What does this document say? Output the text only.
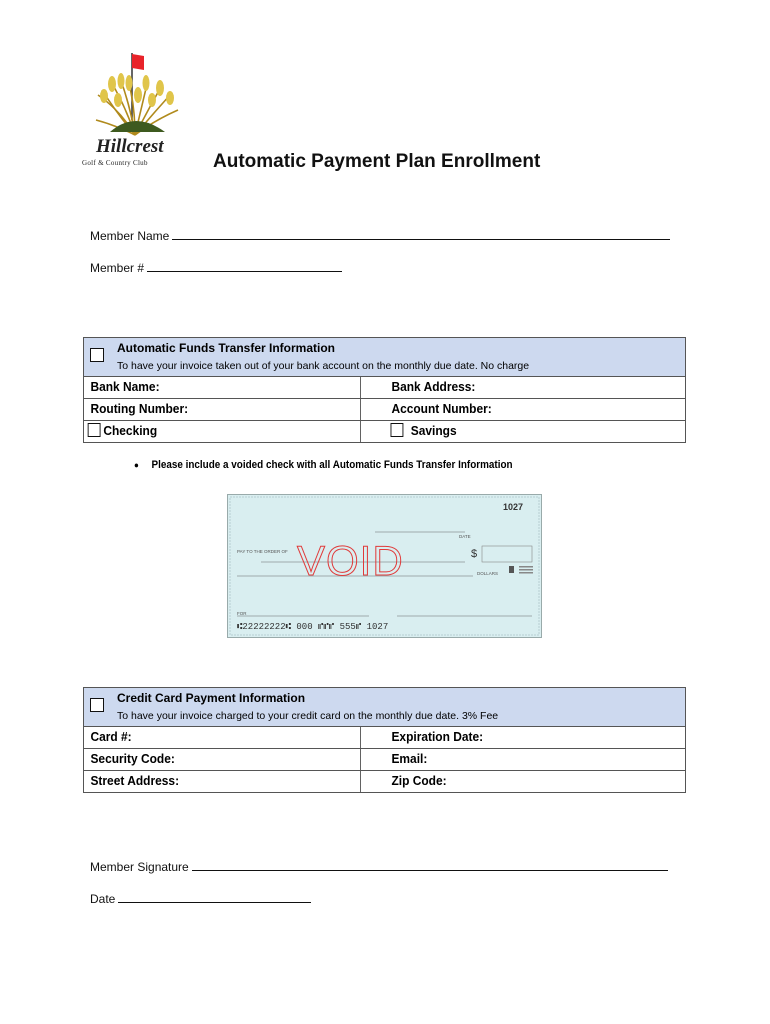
Hillcrest
Golf & Country Club	Automatic Payment Plan Enrollment
Member Name
Member #
Automatic Funds Transfer Information
To have your invoice taken out of your bank account on the monthly due date. No charge
Bank Name:	Bank Address:
Routing Number:	Account Number:
Checking	Savings
● Please include a voided check with all Automatic Funds Transfer Information
1027
DATE
PAY TO THE ORDER OF	$
DOLLARS
FOR
VOID
⑆22222222⑆ 000 ⑈⑈⑈ 555⑈ 1027
Credit Card Payment Information
To have your invoice charged to your credit card on the monthly due date. 3% Fee
Card #:	Expiration Date:
Security Code:	Email:
Street Address:	Zip Code:
Member Signature
Date
